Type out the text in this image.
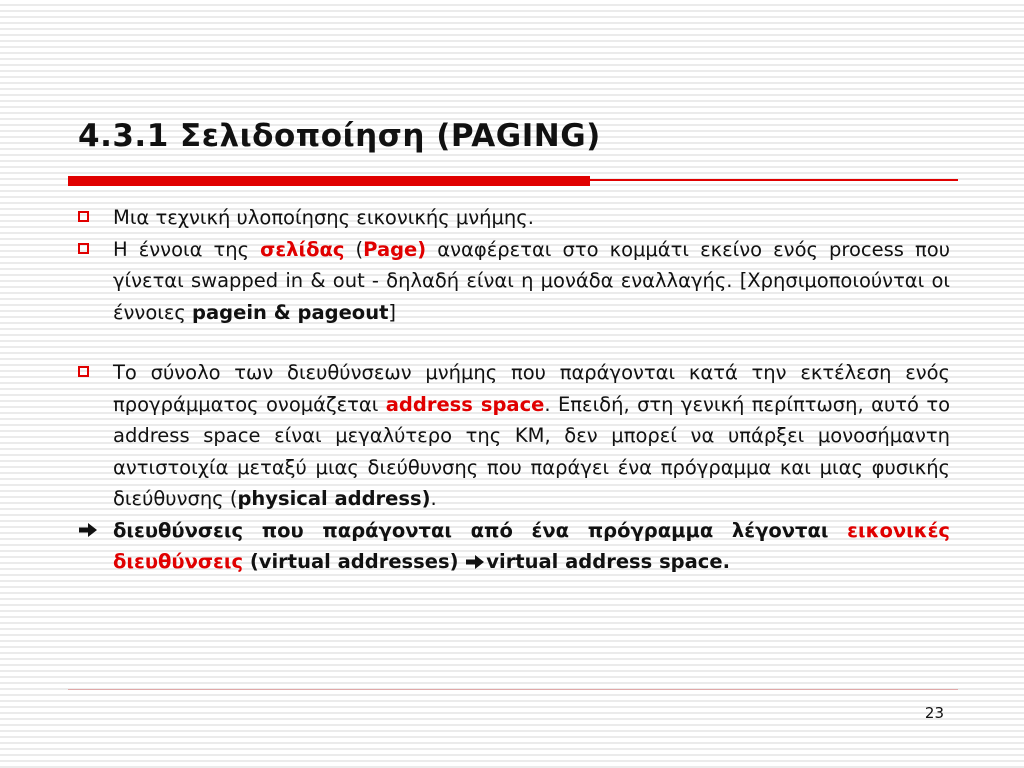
4.3.1 Σελιδοποίηση (PAGING)
Μια τεχνική υλοποίησης εικονικής μνήμης.
Η έννοια της σελίδας (Page) αναφέρεται στο κομμάτι εκείνο ενός process που γίνεται swapped in & out - δηλαδή είναι η μονάδα εναλλαγής. [Χρησιμοποιούνται οι έννοιες pagein & pageout]
Το σύνολο των διευθύνσεων μνήμης που παράγονται κατά την εκτέλεση ενός προγράμματος ονομάζεται address space. Επειδή, στη γενική περίπτωση, αυτό το address space είναι μεγαλύτερο της ΚΜ, δεν μπορεί να υπάρξει μονοσήμαντη αντιστοιχία μεταξύ μιας διεύθυνσης που παράγει ένα πρόγραμμα και μιας φυσικής διεύθυνσης (physical address).
διευθύνσεις που παράγονται από ένα πρόγραμμα λέγονται εικονικές διευθύνσεις (virtual addresses) virtual address space.
23
